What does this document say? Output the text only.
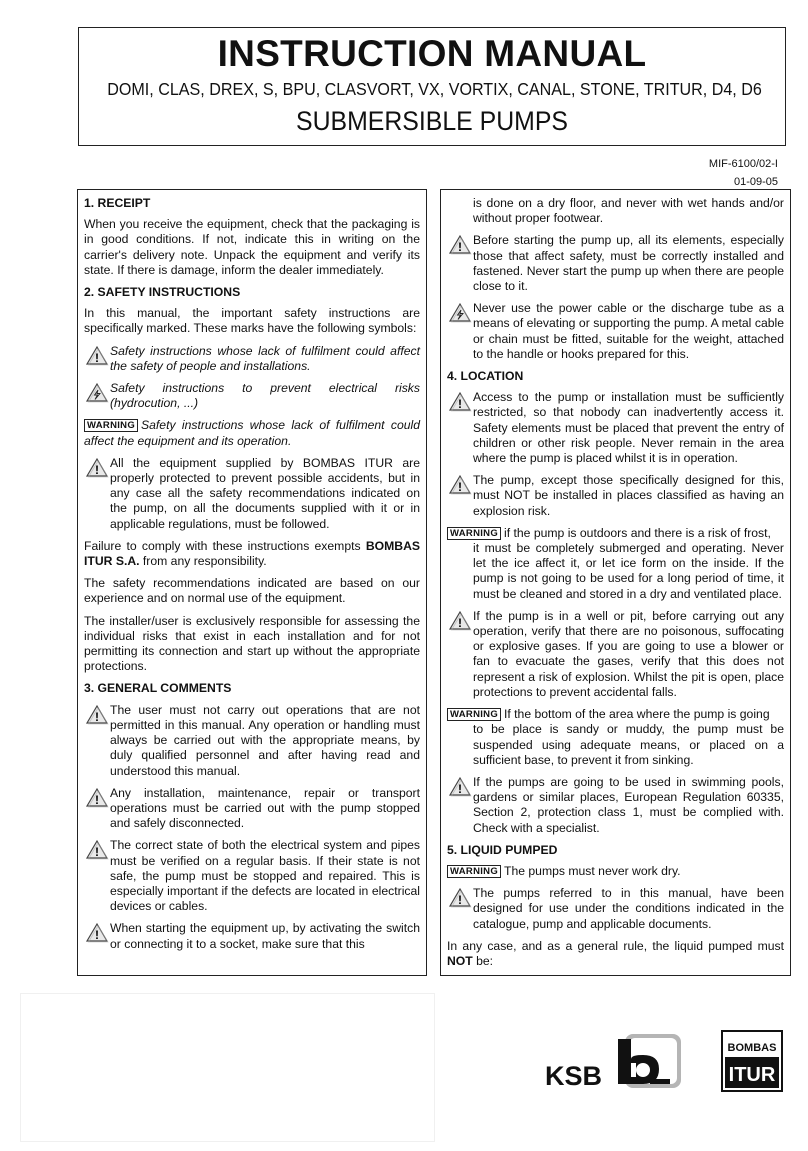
INSTRUCTION MANUAL
DOMI, CLAS, DREX, S, BPU, CLASVORT, VX, VORTIX, CANAL, STONE, TRITUR, D4, D6
SUBMERSIBLE PUMPS
MIF-6100/02-I
01-09-05
1. RECEIPT

When you receive the equipment, check that the packaging is in good conditions. If not, indicate this in writing on the carrier's delivery note. Unpack the equipment and verify its state. If there is damage, inform the dealer immediately.

2. SAFETY INSTRUCTIONS

In this manual, the important safety instructions are specifically marked. These marks have the following symbols:

! Safety instructions whose lack of fulfilment could affect the safety of people and installations.
Safety instructions to prevent electrical risks (hydrocution, ...)
WARNING Safety instructions whose lack of fulfilment could affect the equipment and its operation.
! All the equipment supplied by BOMBAS ITUR are properly protected to prevent possible accidents, but in any case all the safety recommendations indicated on the pump, on all the documents supplied with it or in applicable regulations, must be followed.

Failure to comply with these instructions exempts BOMBAS ITUR S.A. from any responsibility.

The safety recommendations indicated are based on our experience and on normal use of the equipment.

The installer/user is exclusively responsible for assessing the individual risks that exist in each installation and for not permitting its connection and start up without the appropriate protections.

3. GENERAL COMMENTS
! The user must not carry out operations that are not permitted in this manual. Any operation or handling must always be carried out with the appropriate means, by duly qualified personnel and after having read and understood this manual.
! Any installation, maintenance, repair or transport operations must be carried out with the pump stopped and safely disconnected.
! The correct state of both the electrical system and pipes must be verified on a regular basis. If their state is not safe, the pump must be stopped and repaired. This is especially important if the defects are located in electrical devices or cables.
! When starting the equipment up, by activating the switch or connecting it to a socket, make sure that this

is done on a dry floor, and never with wet hands and/or without proper footwear.

! Before starting the pump up, all its elements, especially those that affect safety, must be correctly installed and fastened. Never start the pump up when there are people close to it.
Never use the power cable or the discharge tube as a means of elevating or supporting the pump. A metal cable or chain must be fitted, suitable for the weight, attached to the handle or hooks prepared for this.
4. LOCATION
! Access to the pump or installation must be sufficiently restricted, so that nobody can inadvertently access it. Safety elements must be placed that prevent the entry of children or other risk people. Never remain in the area where the pump is placed whilst it is in operation.
! The pump, except those specifically designed for this, must NOT be installed in places classified as having an explosion risk.
WARNING if the pump is outdoors and there is a risk of frost,
it must be completely submerged and operating. Never let the ice affect it, or let ice form on the inside. If the pump is not going to be used for a long period of time, it must be cleaned and stored in a dry and ventilated place.
! If the pump is in a well or pit, before carrying out any operation, verify that there are no poisonous, suffocating or explosive gases. If you are going to use a blower or fan to evacuate the gases, verify that this does not represent a risk of explosion. Whilst the pit is open, place protections to prevent accidental falls.
WARNING If the bottom of the area where the pump is going
to be place is sandy or muddy, the pump must be suspended using adequate means, or placed on a sufficient base, to prevent it from sinking.
! If the pumps are going to be used in swimming pools, gardens or similar places, European Regulation 60335, Section 2, protection class 1, must be complied with. Check with a specialist.
5. LIQUID PUMPED
WARNING The pumps must never work dry.
! The pumps referred to in this manual, have been designed for use under the conditions indicated in the catalogue, pump and applicable documents.

In any case, and as a general rule, the liquid pumped must NOT be:

KSB
BOMBAS
ITUR
